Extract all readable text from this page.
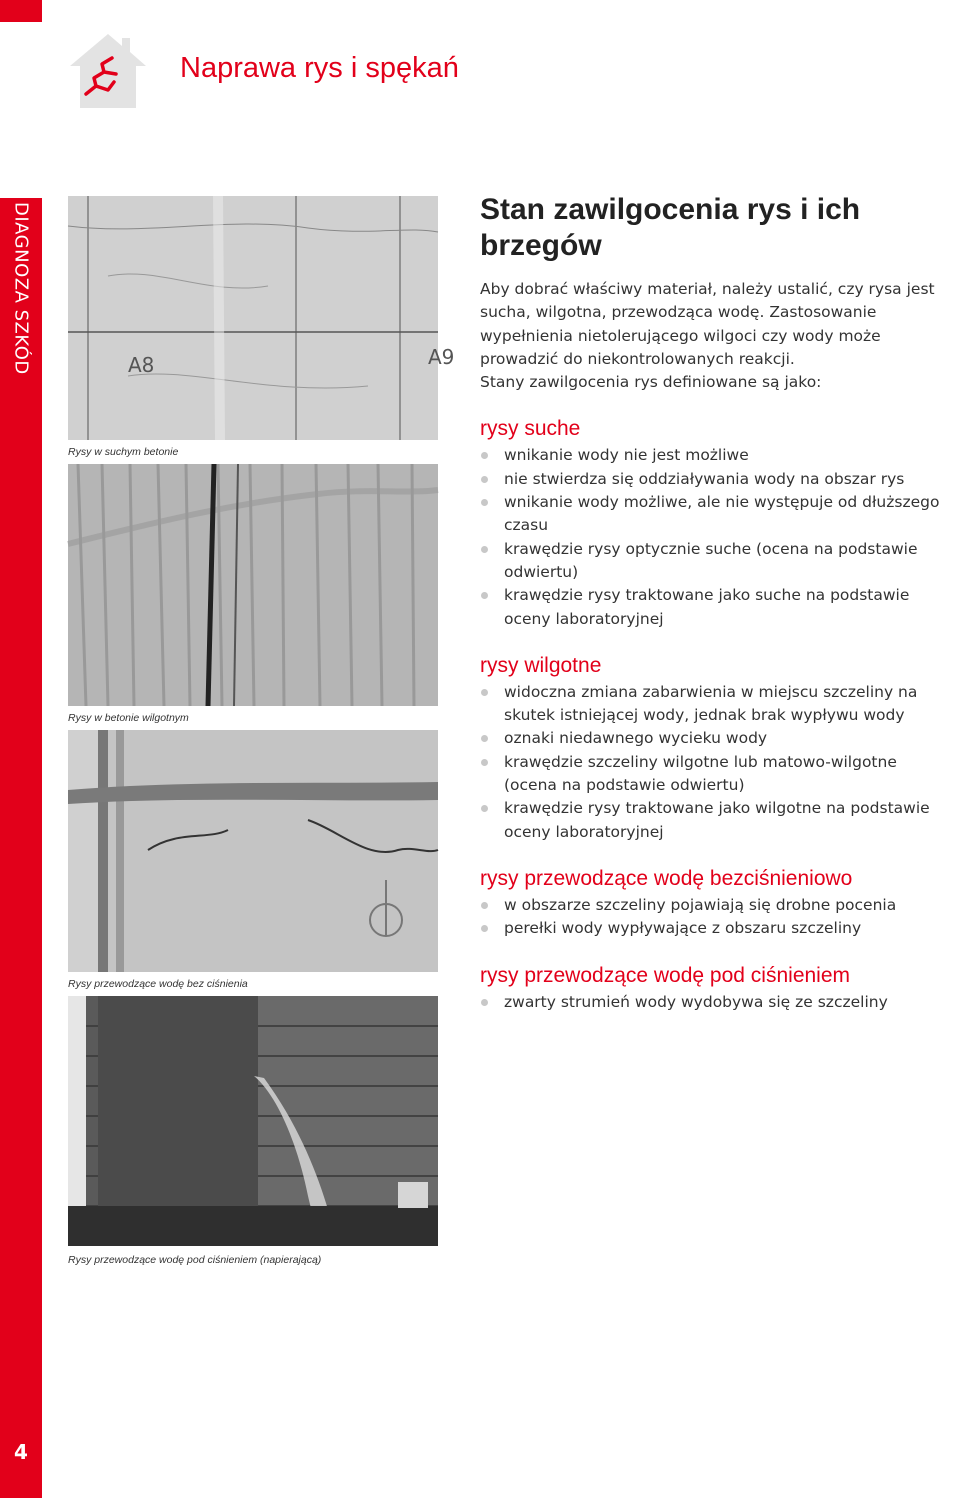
DIAGNOZA SZKÓD
4
Naprawa rys i spękań
A8	A9
Rysy w suchym betonie
Rysy w betonie wilgotnym
Rysy przewodzące wodę bez ciśnienia
Rysy przewodzące wodę pod ciśnieniem (napierającą)
Stan zawilgocenia rys i ich brzegów

Aby dobrać właściwy materiał, należy ustalić, czy rysa jest sucha, wilgotna, przewodząca wodę. Zastosowanie wypełnienia nietolerującego wilgoci czy wody może prowadzić do niekontrolowanych reakcji.

Stany zawilgocenia rys definiowane są jako:

rysy suche
wnikanie wody nie jest możliwe
nie stwierdza się oddziaływania wody na obszar rys
wnikanie wody możliwe, ale nie występuje od dłuższego czasu
krawędzie rysy optycznie suche (ocena na podstawie odwiertu)
krawędzie rysy traktowane jako suche na podstawie oceny laboratoryjnej
rysy wilgotne
widoczna zmiana zabarwienia w miejscu szczeliny na skutek istniejącej wody, jednak brak wypływu wody
oznaki niedawnego wycieku wody
krawędzie szczeliny wilgotne lub matowo-wilgotne (ocena na podstawie odwiertu)
krawędzie rysy traktowane jako wilgotne na podstawie oceny laboratoryjnej
rysy przewodzące wodę bezciśnieniowo
w obszarze szczeliny pojawiają się drobne pocenia
perełki wody wypływające z obszaru szczeliny
rysy przewodzące wodę pod ciśnieniem
zwarty strumień wody wydobywa się ze szczeliny
